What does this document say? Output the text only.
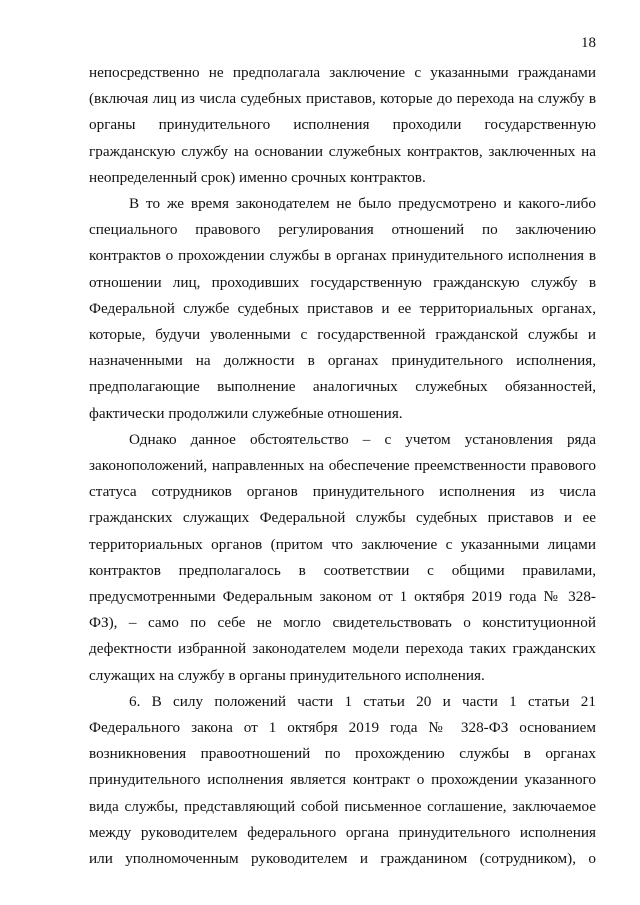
18

непосредственно не предполагала заключение с указанными гражданами
(включая лиц из числа судебных приставов, которые до перехода на службу в
органы принудительного исполнения проходили государственную
гражданскую службу на основании служебных контрактов, заключенных на
неопределенный срок) именно срочных контрактов.

В то же время законодателем не было предусмотрено и какого-либо
специального правового регулирования отношений по заключению
контрактов о прохождении службы в органах принудительного исполнения в
отношении лиц, проходивших государственную гражданскую службу в
Федеральной службе судебных приставов и ее территориальных органах,
которые, будучи уволенными с государственной гражданской службы и
назначенными на должности в органах принудительного исполнения,
предполагающие выполнение аналогичных служебных обязанностей,
фактически продолжили служебные отношения.

Однако данное обстоятельство – с учетом установления ряда
законоположений, направленных на обеспечение преемственности правового
статуса сотрудников органов принудительного исполнения из числа
гражданских служащих Федеральной службы судебных приставов и ее
территориальных органов (притом что заключение с указанными лицами
контрактов предполагалось в соответствии с общими правилами,
предусмотренными Федеральным законом от 1 октября 2019 года № 328-
ФЗ), – само по себе не могло свидетельствовать о конституционной
дефектности избранной законодателем модели перехода таких гражданских
служащих на службу в органы принудительного исполнения.

6. В силу положений части 1 статьи 20 и части 1 статьи 21
Федерального закона от 1 октября 2019 года № 328-ФЗ основанием
возникновения правоотношений по прохождению службы в органах
принудительного исполнения является контракт о прохождении указанного
вида службы, представляющий собой письменное соглашение, заключаемое
между руководителем федерального органа принудительного исполнения
или уполномоченным руководителем и гражданином (сотрудником), о
